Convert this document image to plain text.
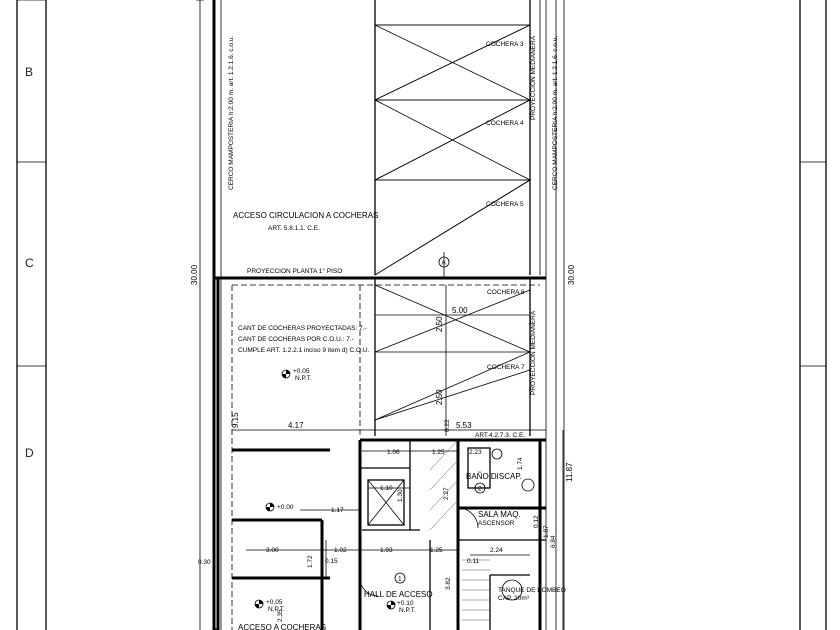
B
C
D
30.00	30.00
CERCO MAMPOSTERIA h:2.00 m. art. 1.2.1.6. c.o.u.	CERCO MAMPOSTERIA h:2.00 m. art. 1.2.1.6. c.o.u.
COCHERA 3
COCHERA 4
COCHERA 5
PROYECCION MEDIANERA
ACCESO CIRCULACION A COCHERAS
ART. 5.8.1.1. C.E.
A
PROYECCION PLANTA 1° PISO
COCHERA 6
COCHERA 7 PROYECCION MEDIANERA
5.00
2.50
2.50
CANT DE COCHERAS PROYECTADAS: 7.-
CANT DE COCHERAS POR C.O.U.: 7.-
CUMPLE ART. 1.2.2.1 inciso 9 item d) C.O.U.
+0.05
N.P.T.
9.15	4.17	5.53
0.22
ART.4.2.7.3. C.E.
1.06	1.25
1.74
2.23
1.10
1.30	2.27
1.17
0.12
6.84
1.87
11.87
0.30
3.00	1.02	1.93	1.25	2.24
0.15
1.72
3.82
2.35
0.11
BAÑO DISCAP.
2
SALA MAQ.
ASCENSOR
HALL DE ACCESO
1
TANQUE DE BOMBEO
CAP. 30m³
ACCESO A COCHERAS
+0.00
+0.05
N.P.T.
+0.10
N.P.T.
